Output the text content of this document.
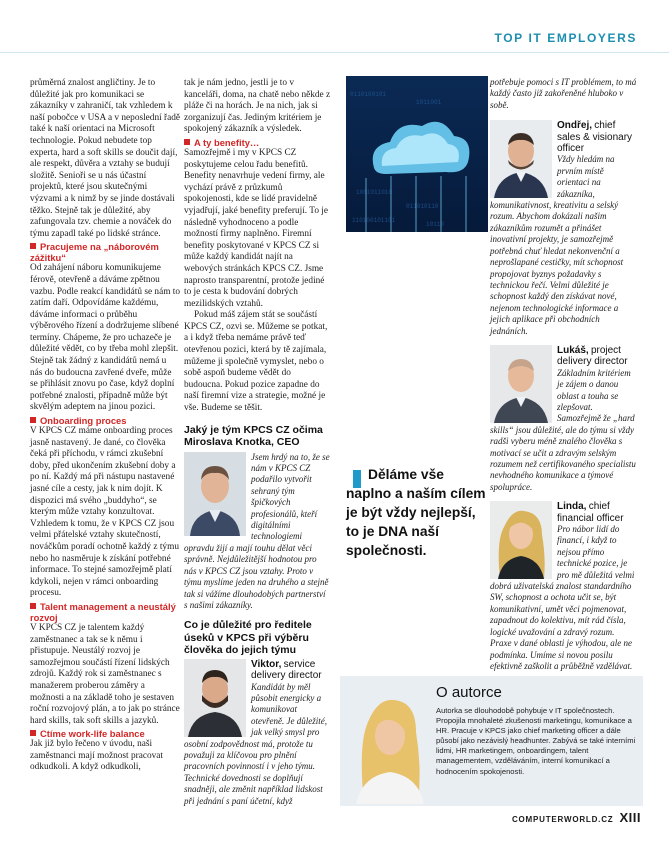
TOP IT EMPLOYERS

průměrná znalost angličtiny. Je to důležité jak pro komunikaci se zákazníky v zahraničí, tak vzhledem k naší pobočce v USA a v neposlední řadě také k naší orientaci na Microsoft technologie. Pokud nebudete top experta, hard a soft skills se doučit dají, ale respekt, důvěra a vztahy se budují složitě. Senioři se u nás účastní projektů, které jsou skutečnými výzvami a k nimž by se jinde dostávali těžko. Stejně tak je důležité, aby zafungovala tzv. chemie a nováček do týmu zapadl také po lidské stránce.

Pracujeme na „náborovém zážitku“

Od zahájení náboru komunikujeme férově, otevřeně a dáváme zpětnou vazbu. Podle reakcí kandidátů se nám to zatím daří. Odpovídáme každému, dáváme informaci o průběhu výběrového řízení a dodržujeme slíbené termíny. Chápeme, že pro uchazeče je důležité vědět, co by třeba mohl zlepšit. Stejně tak žádný z kandidátů nemá u nás do budoucna zavřené dveře, může se přihlásit znovu po čase, když doplní potřebné znalosti, případně může být skvělým adeptem na jinou pozici.

Onboarding proces

V KPCS CZ máme onboarding proces jasně nastavený. Je dané, co člověka čeká při příchodu, v rámci zkušební doby, před ukončením zkušební doby a po ní. Každý má při nástupu nastavené jasné cíle a cesty, jak k nim dojít. K dispozici má svého „buddyho“, se kterým může vztahy konzultovat. Vzhledem k tomu, že v KPCS CZ jsou velmi přátelské vztahy skutečností, nováčkům poradí ochotně každý z týmu nebo ho nasměruje k získání potřebné informace. To stejné samozřejmě platí kdykoli, nejen v rámci onboarding procesu.

Talent management a neustálý rozvoj

V KPCS CZ je talentem každý zaměstnanec a tak se k němu i přistupuje. Neustálý rozvoj je samozřejmou součástí řízení lidských zdrojů. Každý rok si zaměstnanec s manažerem proberou záměry a možnosti a na základě toho je sestaven roční rozvojový plán, a to jak po stránce hard skills, tak soft skills a jazyků.

Ctíme work-life balance

Jak již bylo řečeno v úvodu, naši zaměstnanci mají možnost pracovat odkudkoli. A když odkudkoli,

tak je nám jedno, jestli je to v kanceláři, doma, na chatě nebo někde z pláže či na horách. Je na nich, jak si zorganizují čas. Jediným kritériem je spokojený zákazník a výsledek.

A ty benefity…

Samozřejmě i my v KPCS CZ poskytujeme celou řadu benefitů. Benefity nenavrhuje vedení firmy, ale vychází právě z průzkumů spokojenosti, kde se lidé pravidelně vyjadřují, jaké benefity preferují. To je následně vyhodnoceno a podle možností firmy naplněno. Firemní benefity poskytované v KPCS CZ si může každý kandidát najít na webových stránkách KPCS CZ. Jsme naprosto transparentní, protože jediné to je cesta k budování dobrých mezilidských vztahů.

Pokud máš zájem stát se součástí KPCS CZ, ozvi se. Můžeme se potkat, a i když třeba nemáme právě teď otevřenou pozici, která by tě zajímala, můžeme ji společně vymyslet, nebo o sobě aspoň budeme vědět do budoucna. Pokud pozice zapadne do naší firemní vize a strategie, možné je vše. Budeme se těšit.

Jaký je tým KPCS CZ očima Miroslava Knotka, CEO
Jsem hrdý na to, že se nám v KPCS CZ podařilo vytvořit sehraný tým špičkových profesionálů, kteří digitálními technologiemi opravdu žijí a mají touhu dělat věci správně. Nejdůležitější hodnotou pro nás v KPCS CZ jsou vztahy. Proto v týmu myslíme jeden na druhého a stejně tak si vážíme dlouhodobých partnerství s našimi zákazníky.
Co je důležité pro ředitele úseků v KPCS při výběru člověka do jejich týmu
Viktor, service delivery director
Kandidát by měl působit energicky a komunikovat otevřeně. Je důležité, jak velký smysl pro osobní zodpovědnost má, protože tu považuji za klíčovou pro plnění pracovních povinností i v jeho týmu. Technické dovednosti se doplňují snadněji, ale změnit například lidskost při jednání s paní účetní, když
0110100101
1011001
1001011010
011010110
110100101101
10110

potřebuje pomoci s IT problémem, to má každý často již zakořeněné hluboko v sobě.

Ondřej, chief sales & visionary officer
Vždy hledám na prvním místě orientaci na zákazníka, komunikativnost, kreativitu a selský rozum. Abychom dokázali našim zákazníkům rozumět a přinášet inovativní projekty, je samozřejmě potřebná chuť hledat nekonvenční a neprošlapané cestičky, mít schopnost propojovat byznys požadavky s technickou řečí. Velmi důležité je schopnost každý den získávat nové, nejenom technologické informace a jejich aplikace při obchodních jednáních.
Lukáš, project delivery director
Základním kritériem je zájem o danou oblast a touha se zlepšovat. Samozřejmě že „hard skills“ jsou důležité, ale do týmu si vždy radši vyberu méně znalého člověka s motivací se učit a zdravým selským rozumem než certifikovaného specialistu nevhodného komunikace a týmové spolupráce.
Linda, chief financial officer
Pro nábor lidí do financí, i když to nejsou přímo technické pozice, je pro mě důležitá velmi dobrá uživatelská znalost standardního SW, schopnost a ochota učit se, být komunikativní, umět věci pojmenovat, zapadnout do kolektivu, mít rád čísla, logické uvažování a zdravý rozum. Praxe v dané oblasti je výhodou, ale ne podmínka. Umíme si novou posilu efektivně zaškolit a průběžně vzdělávat.
Děláme vše naplno a naším cílem je být vždy nejlepší, to je DNA naší společnosti.
O autorce
Autorka se dlouhodobě pohybuje v IT společnostech. Propojila mnohaleté zkušenosti marketingu, komunikace a HR. Pracuje v KPCS jako chief marketing officer a dále působí jako nezávislý headhunter. Zabývá se také interními lidmi, HR marketingem, onboardingem, talent managementem, vzděláváním, interní komunikací a hodnocením spokojenosti.
COMPUTERWORLD.CZ XIII
